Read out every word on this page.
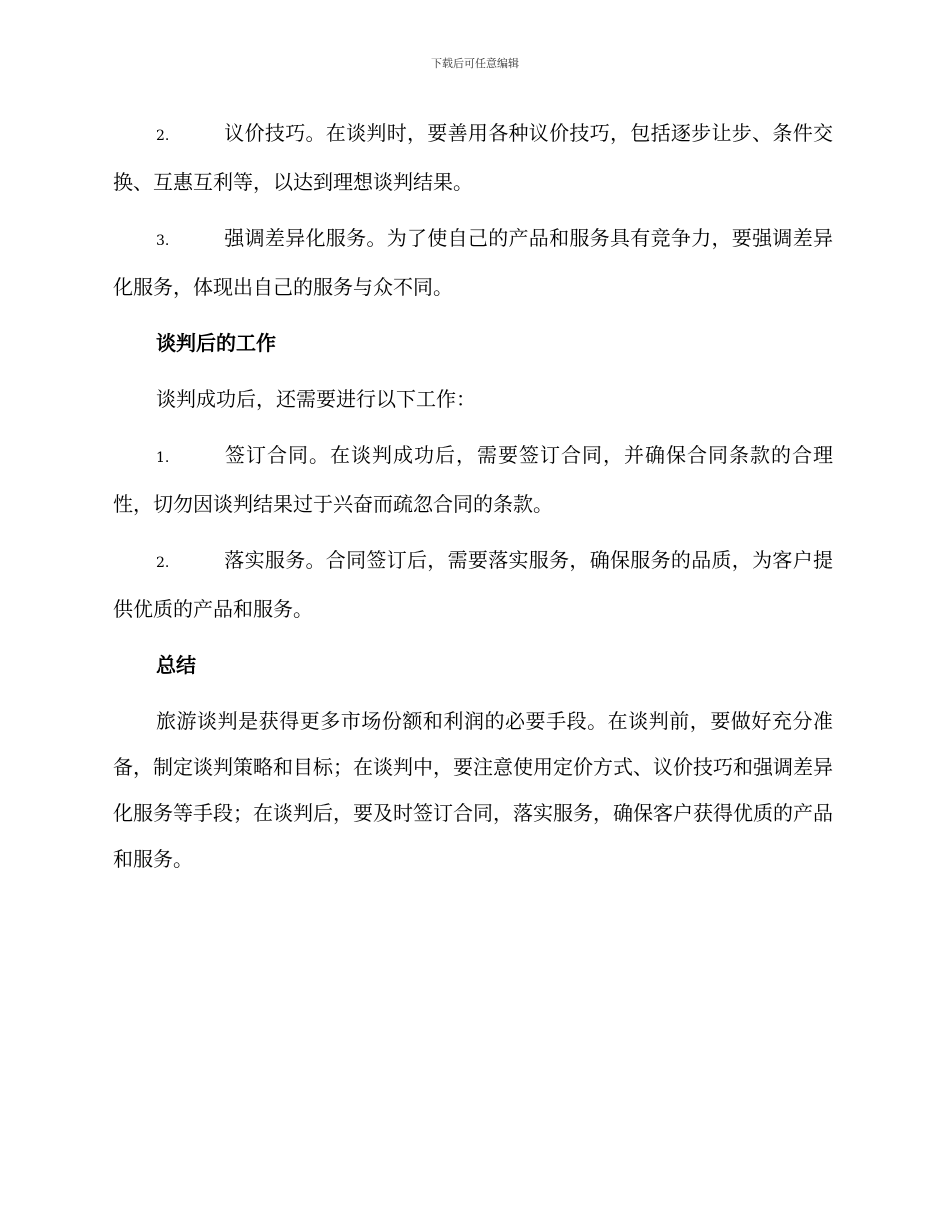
下载后可任意编辑

2.	议价技巧。在谈判时，要善用各种议价技巧，包括逐步让步、条件交换、互惠互利等，以达到理想谈判结果。

3.	强调差异化服务。为了使自己的产品和服务具有竞争力，要强调差异化服务，体现出自己的服务与众不同。

谈判后的工作

谈判成功后，还需要进行以下工作：

1.	签订合同。在谈判成功后，需要签订合同，并确保合同条款的合理性，切勿因谈判结果过于兴奋而疏忽合同的条款。

2.	落实服务。合同签订后，需要落实服务，确保服务的品质，为客户提供优质的产品和服务。

总结

旅游谈判是获得更多市场份额和利润的必要手段。在谈判前，要做好充分准备，制定谈判策略和目标；在谈判中，要注意使用定价方式、议价技巧和强调差异化服务等手段；在谈判后，要及时签订合同，落实服务，确保客户获得优质的产品和服务。
